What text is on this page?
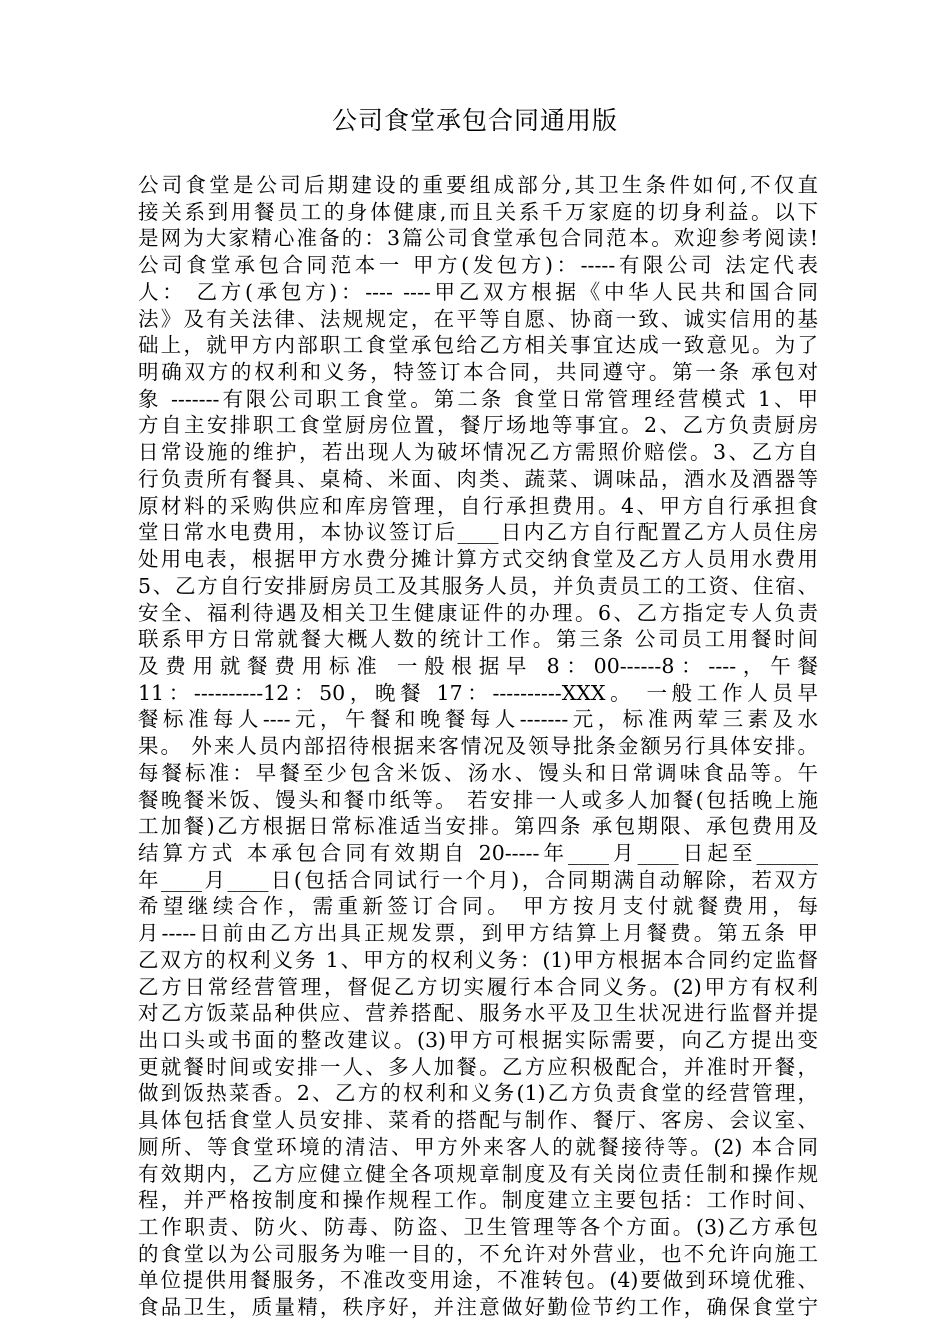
公司食堂承包合同通用版
公司食堂是公司后期建设的重要组成部分,其卫生条件如何,不仅直
接关系到用餐员工的身体健康,而且关系千万家庭的切身利益。以下
是网为大家精心准备的：3篇公司食堂承包合同范本。欢迎参考阅读!
公司食堂承包合同范本一 甲方(发包方)：-----有限公司 法定代表
人： 乙方(承包方)：---- ----甲乙双方根据《中华人民共和国合同
法》及有关法律、法规规定，在平等自愿、协商一致、诚实信用的基
础上，就甲方内部职工食堂承包给乙方相关事宜达成一致意见。为了
明确双方的权利和义务，特签订本合同，共同遵守。第一条 承包对
象 -------有限公司职工食堂。第二条 食堂日常管理经营模式 1、甲
方自主安排职工食堂厨房位置，餐厅场地等事宜。2、乙方负责厨房
日常设施的维护，若出现人为破坏情况乙方需照价赔偿。3、乙方自
行负责所有餐具、桌椅、米面、肉类、蔬菜、调味品，酒水及酒器等
原材料的采购供应和库房管理，自行承担费用。4、甲方自行承担食
堂日常水电费用，本协议签订后____日内乙方自行配置乙方人员住房
处用电表，根据甲方水费分摊计算方式交纳食堂及乙方人员用水费用
5、乙方自行安排厨房员工及其服务人员，并负责员工的工资、住宿、
安全、福利待遇及相关卫生健康证件的办理。6、乙方指定专人负责
联系甲方日常就餐大概人数的统计工作。第三条 公司员工用餐时间
及费用就餐费用标准 一般根据早 8：00------8：----，午餐
11：----------12：50，晚餐 17：----------XXX。 一般工作人员早
餐标准每人----元，午餐和晚餐每人-------元，标准两荤三素及水
果。 外来人员内部招待根据来客情况及领导批条金额另行具体安排。
每餐标准：早餐至少包含米饭、汤水、馒头和日常调味食品等。午
餐晚餐米饭、馒头和餐巾纸等。 若安排一人或多人加餐(包括晚上施
工加餐)乙方根据日常标准适当安排。第四条 承包期限、承包费用及
结算方式 本承包合同有效期自 20-----年____月____日起至______
年____月____日(包括合同试行一个月)，合同期满自动解除，若双方
希望继续合作，需重新签订合同。 甲方按月支付就餐费用，每
月-----日前由乙方出具正规发票，到甲方结算上月餐费。第五条 甲
乙双方的权利义务 1、甲方的权利义务：(1)甲方根据本合同约定监督
乙方日常经营管理，督促乙方切实履行本合同义务。(2)甲方有权利
对乙方饭菜品种供应、营养搭配、服务水平及卫生状况进行监督并提
出口头或书面的整改建议。(3)甲方可根据实际需要，向乙方提出变
更就餐时间或安排一人、多人加餐。乙方应积极配合，并准时开餐，
做到饭热菜香。2、乙方的权利和义务(1)乙方负责食堂的经营管理，
具体包括食堂人员安排、菜肴的搭配与制作、餐厅、客房、会议室、
厕所、等食堂环境的清洁、甲方外来客人的就餐接待等。(2) 本合同
有效期内，乙方应健立健全各项规章制度及有关岗位责任制和操作规
程，并严格按制度和操作规程工作。制度建立主要包括：工作时间、
工作职责、防火、防毒、防盗、卫生管理等各个方面。(3)乙方承包
的食堂以为公司服务为唯一目的，不允许对外营业，也不允许向施工
单位提供用餐服务，不准改变用途，不准转包。(4)要做到环境优雅、
食品卫生，质量精，秩序好，并注意做好勤俭节约工作，确保食堂宁
